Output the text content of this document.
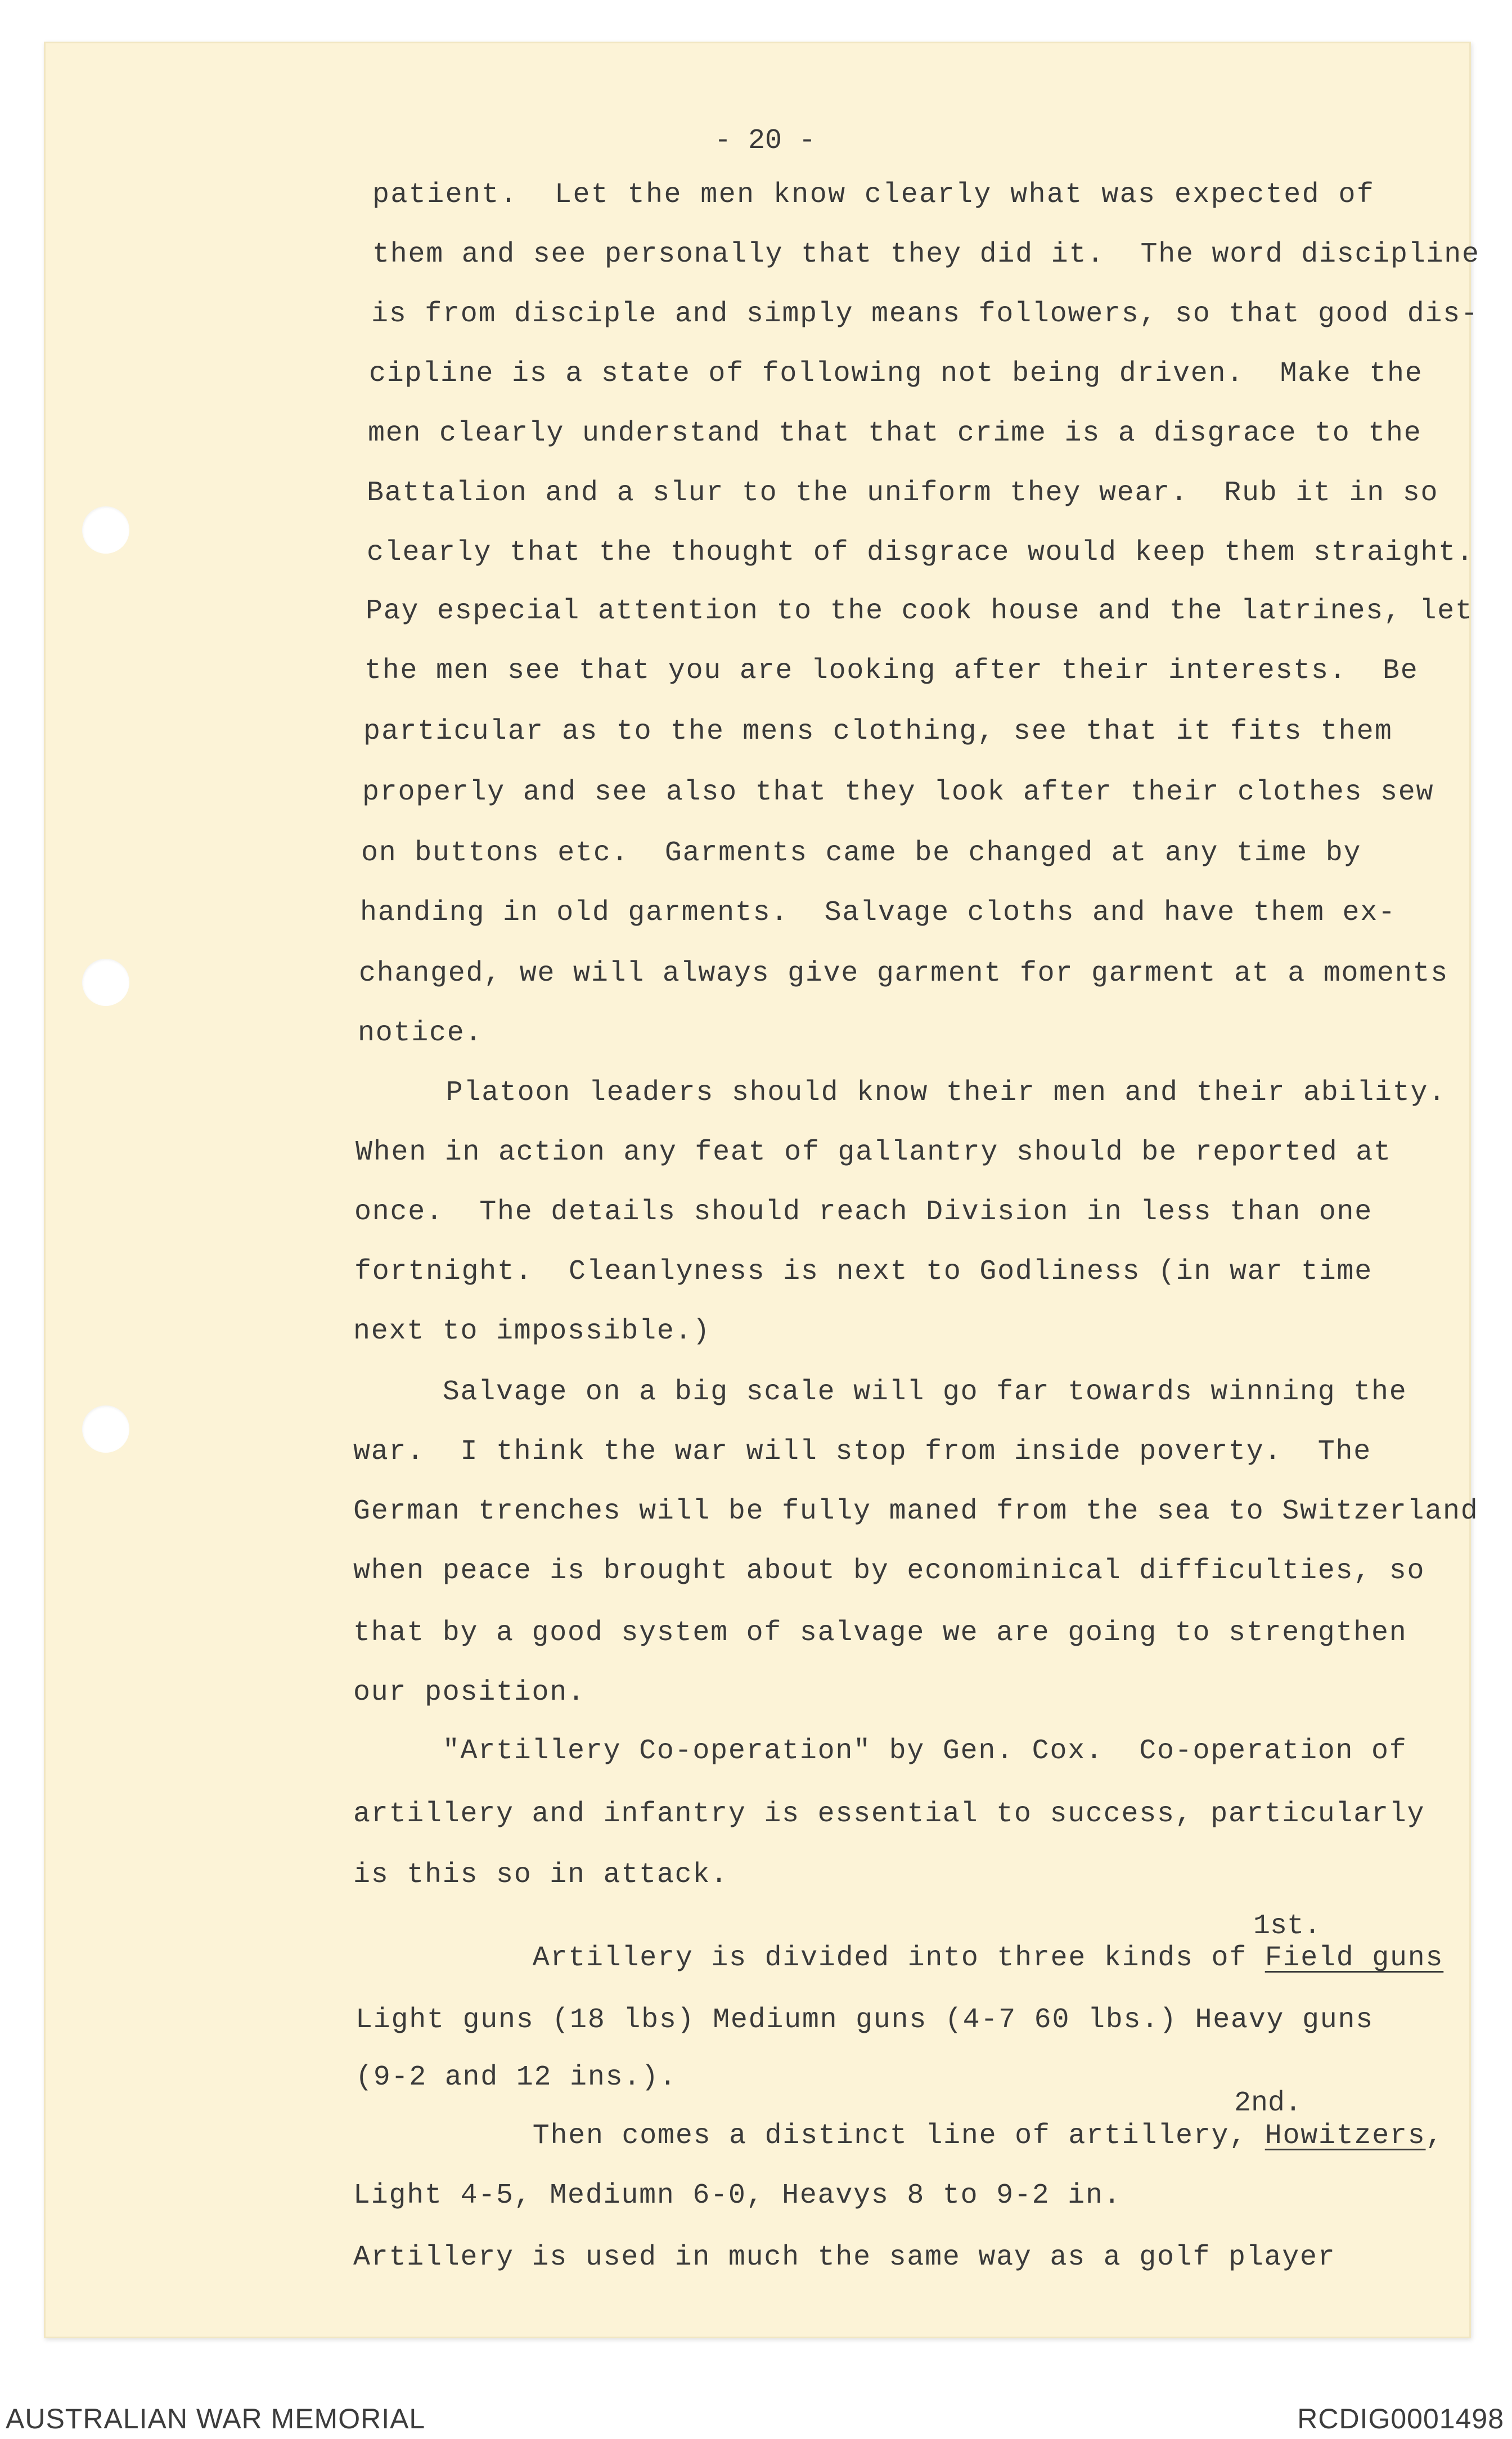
- 20 -
patient.  Let the men know clearly what was expected of
them and see personally that they did it.  The word discipline
is from disciple and simply means followers, so that good dis-
cipline is a state of following not being driven.  Make the
men clearly understand that that crime is a disgrace to the
Battalion and a slur to the uniform they wear.  Rub it in so
clearly that the thought of disgrace would keep them straight.
Pay especial attention to the cook house and the latrines, let
the men see that you are looking after their interests.  Be
particular as to the mens clothing, see that it fits them
properly and see also that they look after their clothes sew
on buttons etc.  Garments came be changed at any time by
handing in old garments.  Salvage cloths and have them ex-
changed, we will always give garment for garment at a moments
notice.
Platoon leaders should know their men and their ability.
When in action any feat of gallantry should be reported at
once.  The details should reach Division in less than one
fortnight.  Cleanlyness is next to Godliness (in war time
next to impossible.)
Salvage on a big scale will go far towards winning the
war.  I think the war will stop from inside poverty.  The
German trenches will be fully maned from the sea to Switzerland
when peace is brought about by econominical difficulties, so
that by a good system of salvage we are going to strengthen
our position.
"Artillery Co-operation" by Gen. Cox.  Co-operation of
artillery and infantry is essential to success, particularly
is this so in attack.
1st.
Artillery is divided into three kinds of Field guns
Light guns (18 lbs) Mediumn guns (4-7 60 lbs.) Heavy guns
(9-2 and 12 ins.).
2nd.
Then comes a distinct line of artillery, Howitzers,
Light 4-5, Mediumn 6-0, Heavys 8 to 9-2 in.
Artillery is used in much the same way as a golf player
AUSTRALIAN WAR MEMORIAL	RCDIG0001498
